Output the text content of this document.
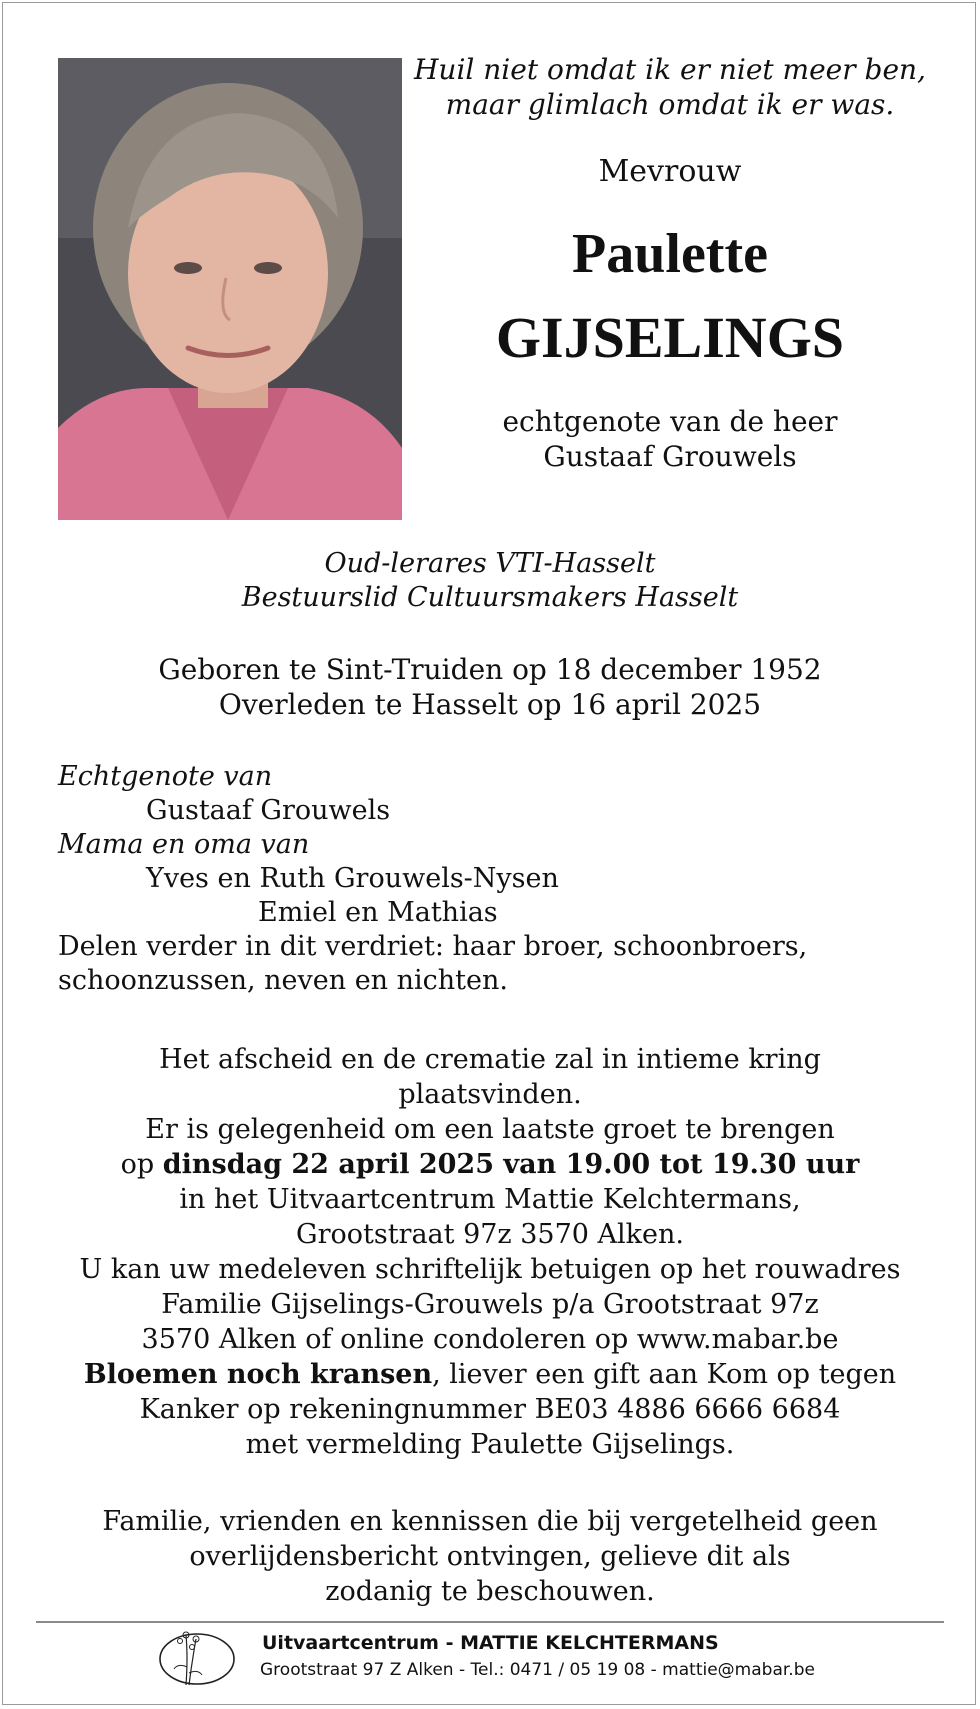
Huil niet omdat ik er niet meer ben,
maar glimlach omdat ik er was.
Mevrouw
Paulette
GIJSELINGS
echtgenote van de heer
Gustaaf Grouwels
Oud-lerares VTI-Hasselt
Bestuurslid Cultuursmakers Hasselt
Geboren te Sint-Truiden op 18 december 1952
Overleden te Hasselt op 16 april 2025
Echtgenote van
Gustaaf Grouwels
Mama en oma van
Yves en Ruth Grouwels-Nysen
Emiel en Mathias
Delen verder in dit verdriet: haar broer, schoonbroers,
schoonzussen, neven en nichten.
Het afscheid en de crematie zal in intieme kring
plaatsvinden.
Er is gelegenheid om een laatste groet te brengen
op dinsdag 22 april 2025 van 19.00 tot 19.30 uur
in het Uitvaartcentrum Mattie Kelchtermans,
Grootstraat 97z 3570 Alken.
U kan uw medeleven schriftelijk betuigen op het rouwadres
Familie Gijselings-Grouwels p/a Grootstraat 97z
3570 Alken of online condoleren op www.mabar.be
Bloemen noch kransen, liever een gift aan Kom op tegen
Kanker op rekeningnummer BE03 4886 6666 6684
met vermelding Paulette Gijselings.
Familie, vrienden en kennissen die bij vergetelheid geen
overlijdensbericht ontvingen, gelieve dit als
zodanig te beschouwen.
Uitvaartcentrum - MATTIE KELCHTERMANS
Grootstraat 97 Z Alken - Tel.: 0471 / 05 19 08 - mattie@mabar.be
